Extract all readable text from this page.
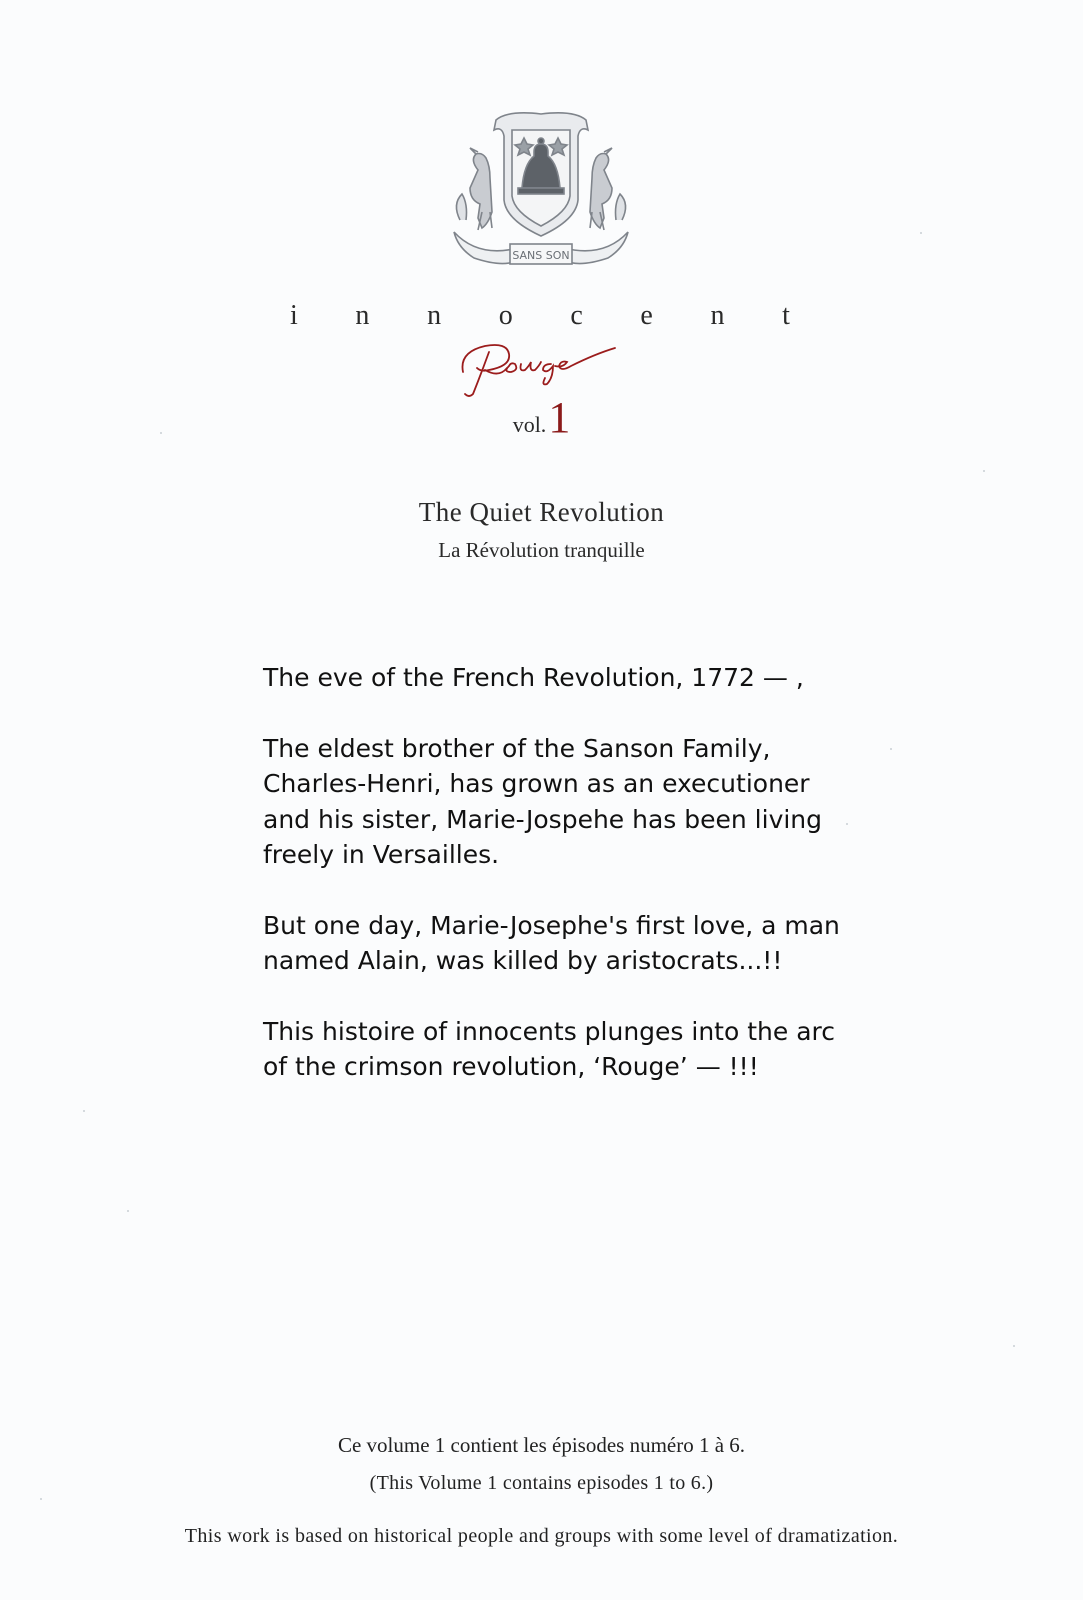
SANS SON
i n n o c e n t
vol.1
The Quiet Revolution
La Révolution tranquille

The eve of the French Revolution, 1772 — ,

The eldest brother of the Sanson Family, Charles-Henri, has grown as an executioner and his sister, Marie-Jospehe has been living freely in Versailles.

But one day, Marie-Josephe's first love, a man named Alain, was killed by aristocrats...!!

This histoire of innocents plunges into the arc of the crimson revolution, ‘Rouge’ — !!!

Ce volume 1 contient les épisodes numéro 1 à 6.
(This Volume 1 contains episodes 1 to 6.)
This work is based on historical people and groups with some level of dramatization.
